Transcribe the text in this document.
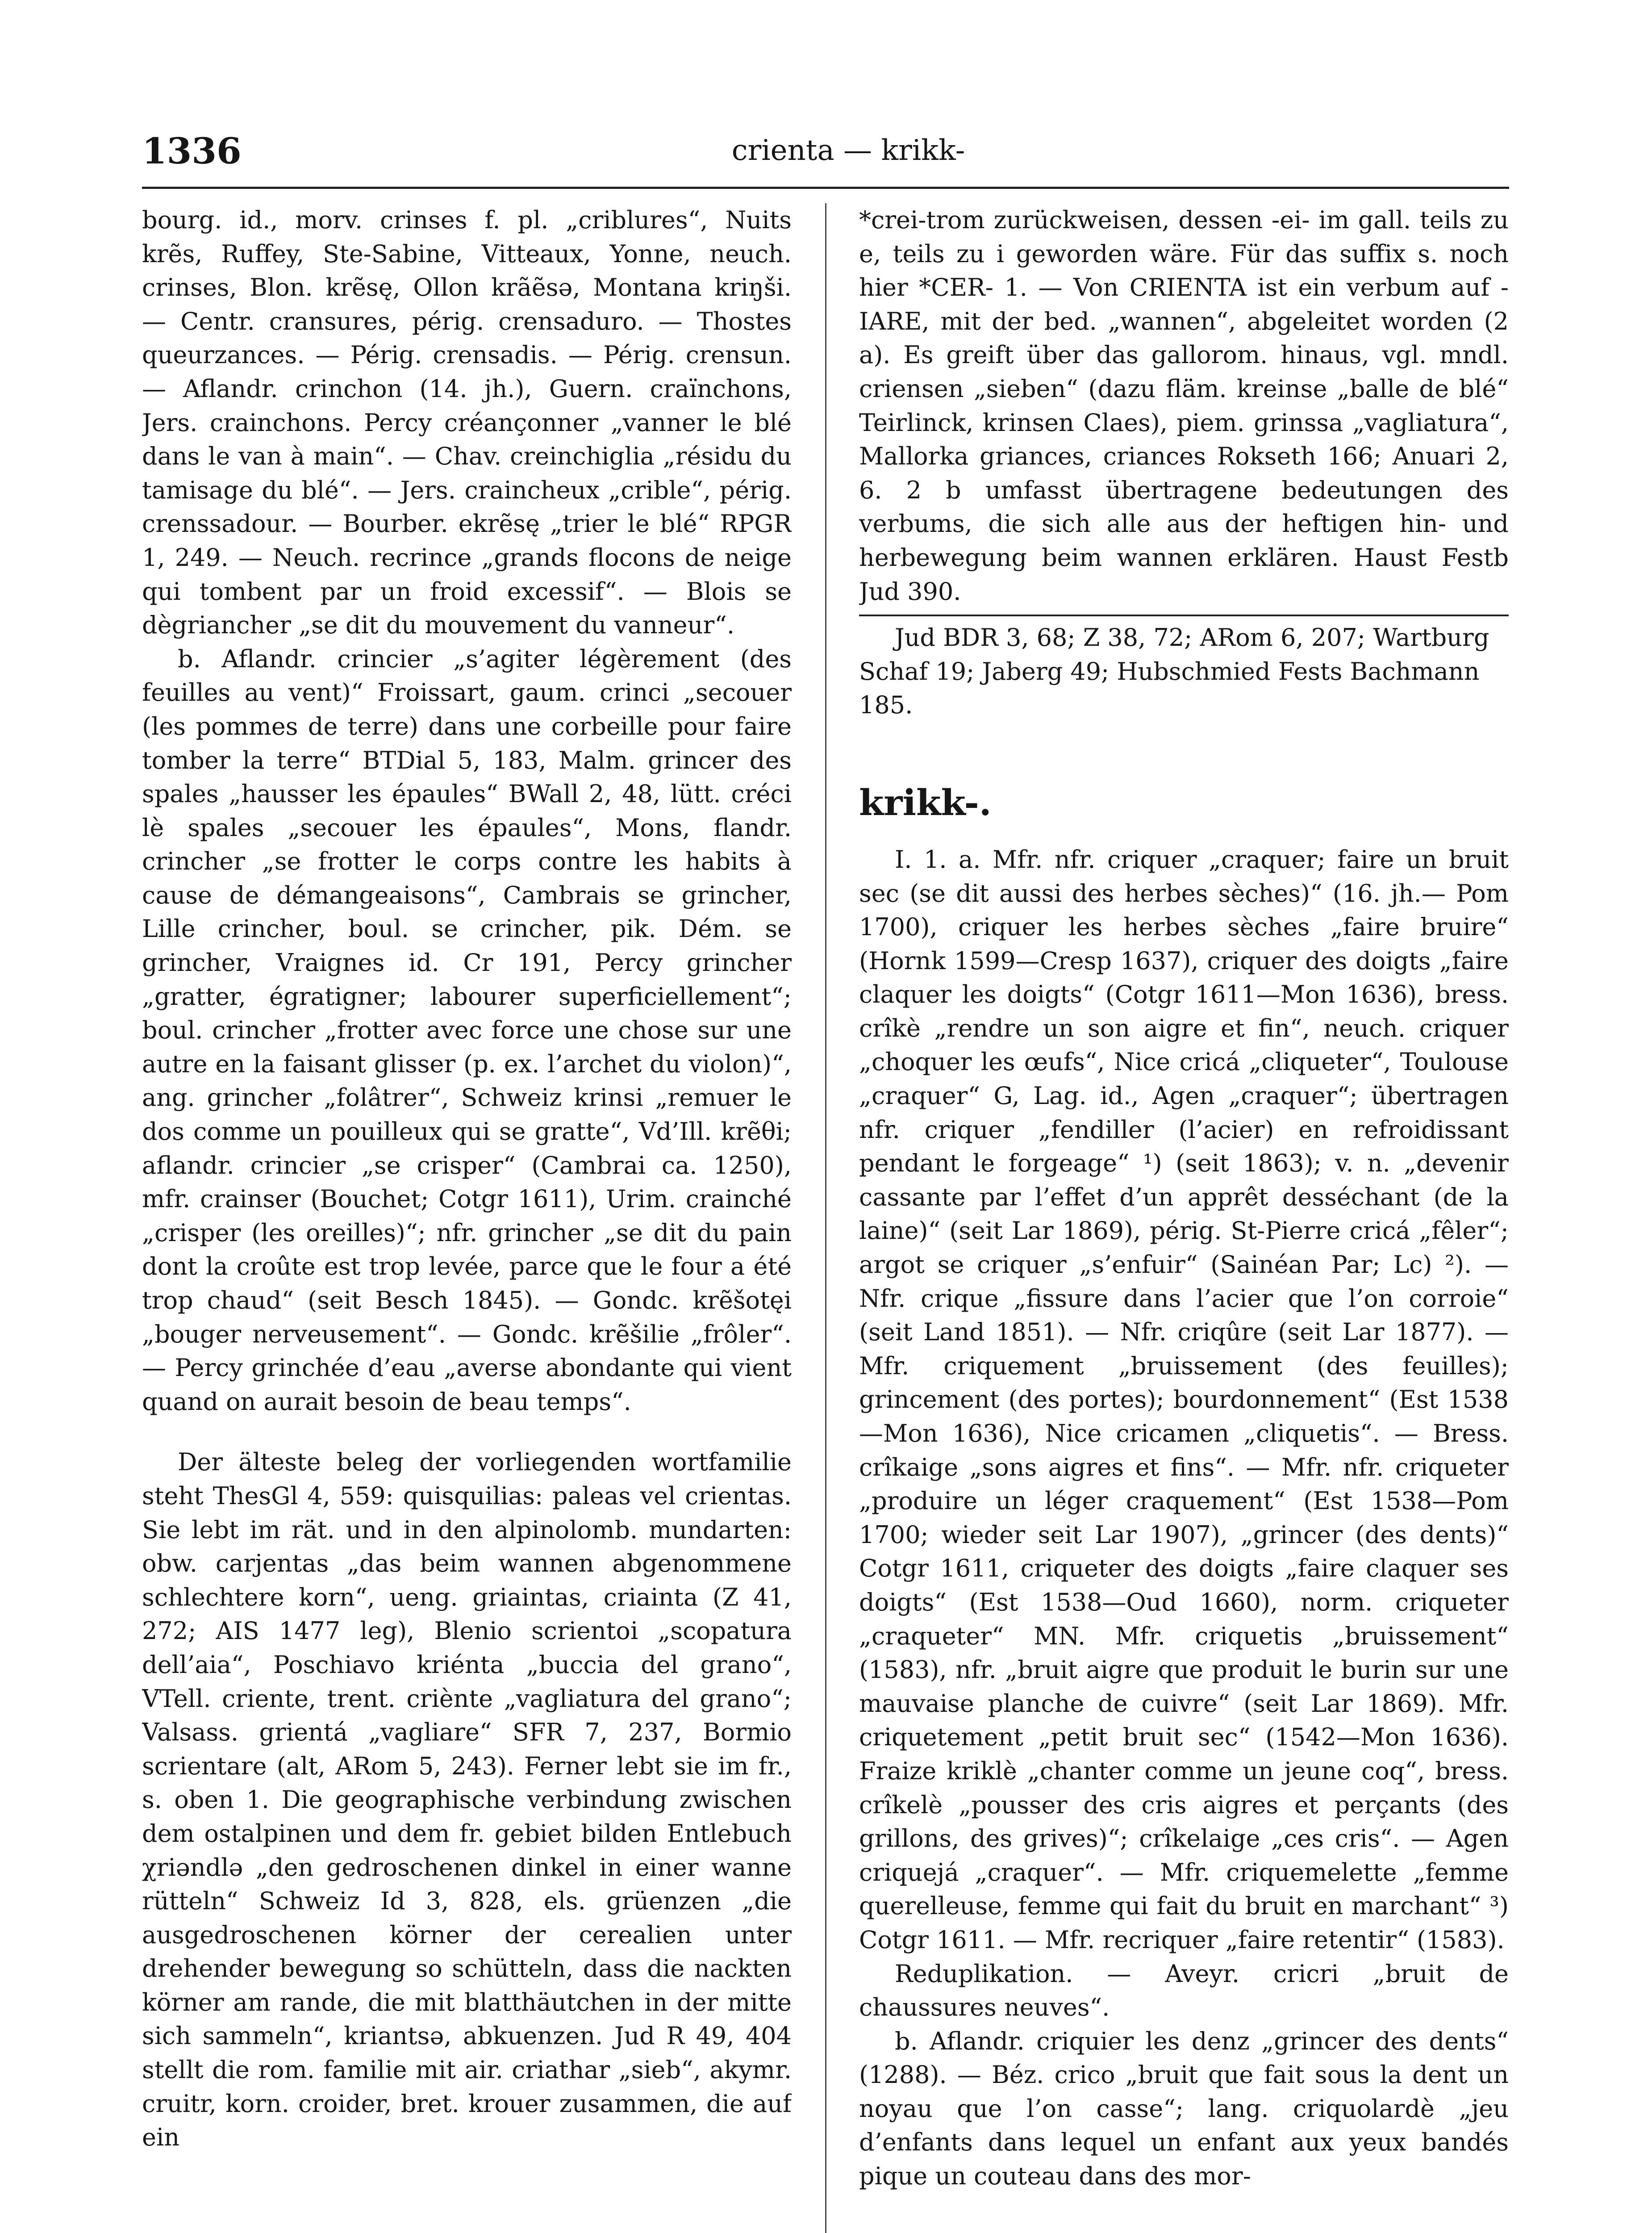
1336	crienta — krikk-

bourg. id., morv. crinses f. pl. „criblures“, Nuits krẽs, Ruffey, Ste-Sabine, Vitteaux, Yonne, neuch. crinses, Blon. krẽsę, Ollon krãẽsə, Montana kriŋši. — Centr. cransures, périg. crensaduro. — Thostes queurzances. — Périg. crensadis. — Périg. crensun. — Aflandr. crinchon (14. jh.), Guern. craïnchons, Jers. crainchons. Percy créançonner „vanner le blé dans le van à main“. — Chav. creinchiglia „résidu du tamisage du blé“. — Jers. craincheux „crible“, périg. crenssadour. — Bourber. ekrẽsę „trier le blé“ RPGR 1, 249. — Neuch. recrince „grands flocons de neige qui tombent par un froid excessif“. — Blois se dègriancher „se dit du mouvement du vanneur“.

b. Aflandr. crincier „s’agiter légèrement (des feuilles au vent)“ Froissart, gaum. crinci „secouer (les pommes de terre) dans une corbeille pour faire tomber la terre“ BTDial 5, 183, Malm. grincer des spales „hausser les épaules“ BWall 2, 48, lütt. créci lè spales „secouer les épaules“, Mons, flandr. crincher „se frotter le corps contre les habits à cause de démangeaisons“, Cambrais se grincher, Lille crincher, boul. se crincher, pik. Dém. se grincher, Vraignes id. Cr 191, Percy grincher „gratter, égratigner; labourer superficiellement“; boul. crincher „frotter avec force une chose sur une autre en la faisant glisser (p. ex. l’archet du violon)“, ang. grincher „folâtrer“, Schweiz krinsi „remuer le dos comme un pouilleux qui se gratte“, Vd’Ill. krẽθi; aflandr. crincier „se crisper“ (Cambrai ca. 1250), mfr. crainser (Bouchet; Cotgr 1611), Urim. crainché „crisper (les oreilles)“; nfr. grincher „se dit du pain dont la croûte est trop levée, parce que le four a été trop chaud“ (seit Besch 1845). — Gondc. krẽšotęi „bouger nerveusement“. — Gondc. krẽšilie „frôler“. — Percy grinchée d’eau „averse abondante qui vient quand on aurait besoin de beau temps“.

Der älteste beleg der vorliegenden wortfamilie steht ThesGl 4, 559: quisquilias: paleas vel crientas. Sie lebt im rät. und in den alpinolomb. mundarten: obw. carjentas „das beim wannen abgenommene schlechtere korn“, ueng. griaintas, criainta (Z 41, 272; AIS 1477 leg), Blenio scrientoi „scopatura dell’aia“, Poschiavo kriénta „buccia del grano“, VTell. criente, trent. criènte „vagliatura del grano“; Valsass. grientá „vagliare“ SFR 7, 237, Bormio scrientare (alt, ARom 5, 243). Ferner lebt sie im fr., s. oben 1. Die geographische verbindung zwischen dem ostalpinen und dem fr. gebiet bilden Entlebuch χriəndlə „den gedroschenen dinkel in einer wanne rütteln“ Schweiz Id 3, 828, els. grüenzen „die ausgedroschenen körner der cerealien unter drehender bewegung so schütteln, dass die nackten körner am rande, die mit blatthäutchen in der mitte sich sammeln“, kriantsə, abkuenzen. Jud R 49, 404 stellt die rom. familie mit air. criathar „sieb“, akymr. cruitr, korn. croider, bret. krouer zusammen, die auf ein

*crei-trom zurückweisen, dessen -ei- im gall. teils zu e, teils zu i geworden wäre. Für das suffix s. noch hier *CER- 1. — Von CRIENTA ist ein verbum auf -IARE, mit der bed. „wannen“, abgeleitet worden (2 a). Es greift über das gallorom. hinaus, vgl. mndl. criensen „sieben“ (dazu fläm. kreinse „balle de blé“ Teirlinck, krinsen Claes), piem. grinssa „vagliatura“, Mallorka griances, criances Rokseth 166; Anuari 2, 6. 2 b umfasst übertragene bedeutungen des verbums, die sich alle aus der heftigen hin- und herbewegung beim wannen erklären. Haust Festb Jud 390.

Jud BDR 3, 68; Z 38, 72; ARom 6, 207; Wartburg Schaf 19; Jaberg 49; Hubschmied Fests Bachmann 185.

krikk-.

I. 1. a. Mfr. nfr. criquer „craquer; faire un bruit sec (se dit aussi des herbes sèches)“ (16. jh.— Pom 1700), criquer les herbes sèches „faire bruire“ (Hornk 1599—Cresp 1637), criquer des doigts „faire claquer les doigts“ (Cotgr 1611—Mon 1636), bress. crîkè „rendre un son aigre et fin“, neuch. criquer „choquer les œufs“, Nice cricá „cliqueter“, Toulouse „craquer“ G, Lag. id., Agen „craquer“; übertragen nfr. criquer „fendiller (l’acier) en refroidissant pendant le forgeage“ ¹) (seit 1863); v. n. „devenir cassante par l’effet d’un apprêt desséchant (de la laine)“ (seit Lar 1869), périg. St-Pierre cricá „fêler“; argot se criquer „s’enfuir“ (Sainéan Par; Lc) ²). — Nfr. crique „fissure dans l’acier que l’on corroie“ (seit Land 1851). — Nfr. criqûre (seit Lar 1877). — Mfr. criquement „bruissement (des feuilles); grincement (des portes); bourdonnement“ (Est 1538—Mon 1636), Nice cricamen „cliquetis“. — Bress. crîkaige „sons aigres et fins“. — Mfr. nfr. criqueter „produire un léger craquement“ (Est 1538—Pom 1700; wieder seit Lar 1907), „grincer (des dents)“ Cotgr 1611, criqueter des doigts „faire claquer ses doigts“ (Est 1538—Oud 1660), norm. criqueter „craqueter“ MN. Mfr. criquetis „bruissement“ (1583), nfr. „bruit aigre que produit le burin sur une mauvaise planche de cuivre“ (seit Lar 1869). Mfr. criquetement „petit bruit sec“ (1542—Mon 1636). Fraize kriklè „chanter comme un jeune coq“, bress. crîkelè „pousser des cris aigres et perçants (des grillons, des grives)“; crîkelaige „ces cris“. — Agen criquejá „craquer“. — Mfr. criquemelette „femme querelleuse, femme qui fait du bruit en marchant“ ³) Cotgr 1611. — Mfr. recriquer „faire retentir“ (1583).

Reduplikation. — Aveyr. cricri „bruit de chaussures neuves“.

b. Aflandr. criquier les denz „grincer des dents“ (1288). — Béz. crico „bruit que fait sous la dent un noyau que l’on casse“; lang. criquolardè „jeu d’enfants dans lequel un enfant aux yeux bandés pique un couteau dans des mor-
